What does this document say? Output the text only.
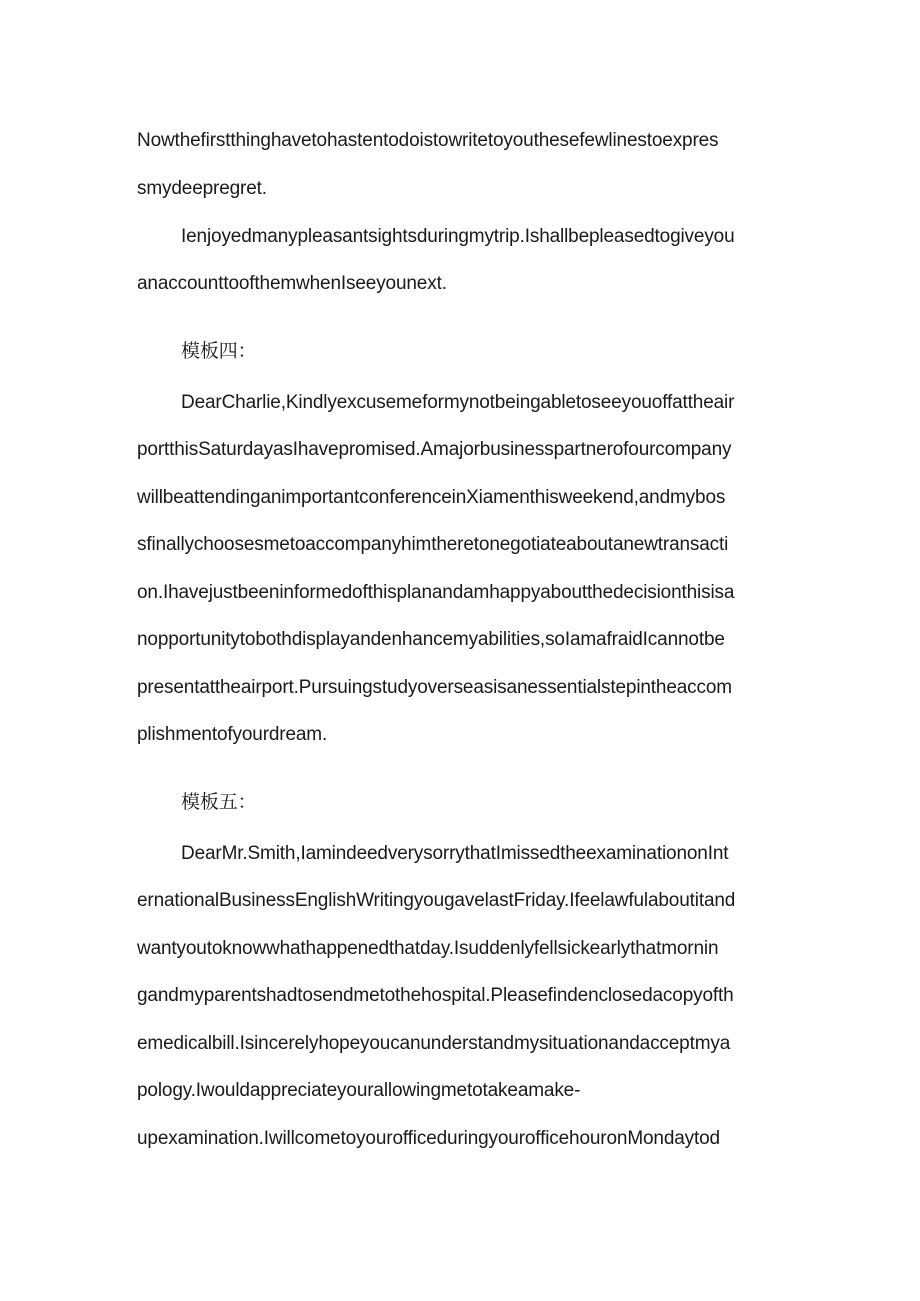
Nowthefirstthinghavetohastentodoistowritetoyouthesefewlinestoexpres
smydeepregret.
Ienjoyedmanypleasantsightsduringmytrip.Ishallbepleasedtogiveyou
anaccounttoofthemwhenIseeyounext.
模板四：
DearCharlie,Kindlyexcusemeformynotbeingabletoseeyouoffattheair
portthisSaturdayasIhavepromised.Amajorbusinesspartnerofourcompany
willbeattendinganimportantconferenceinXiamenthisweekend,andmybos
sfinallychoosesmetoaccompanyhimtheretonegotiateaboutanewtransacti
on.Ihavejustbeeninformedofthisplanandamhappyaboutthedecisionthisisa
nopportunitytobothdisplayandenhancemyabilities,soIamafraidIcannotbe
presentattheairport.Pursuingstudyoverseasisanessentialstepintheaccom
plishmentofyourdream.
模板五：
DearMr.Smith,IamindeedverysorrythatImissedtheexaminationonInt
ernationalBusinessEnglishWritingyougavelastFriday.Ifeelawfulaboutitand
wantyoutoknowwhathappenedthatday.Isuddenlyfellsickearlythatmornin
gandmyparentshadtosendmetothehospital.Pleasefindenclosedacopyofth
emedicalbill.Isincerelyhopeyoucanunderstandmysituationandacceptmya
pology.Iwouldappreciateyourallowingmetotakeamake-
upexamination.IwillcometoyourofficeduringyourofficehouronMondaytod
